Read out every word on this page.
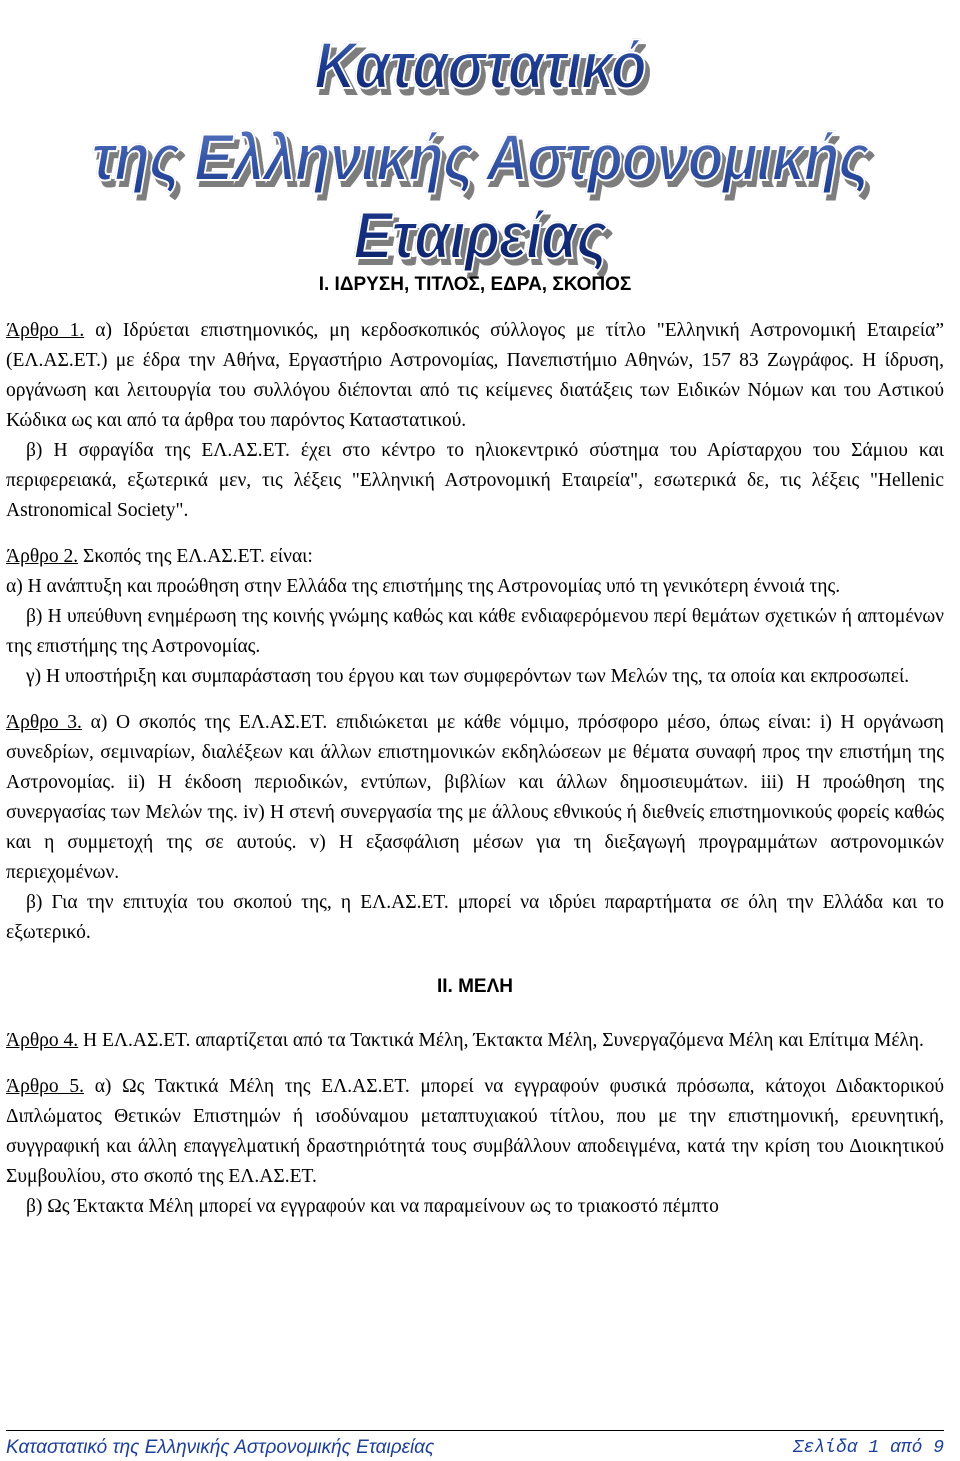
Καταστατικό
της Ελληνικής Αστρονομικής Εταιρείας

Ι. ΙΔΡΥΣΗ, ΤΙΤΛΟΣ, ΕΔΡΑ, ΣΚΟΠΟΣ

Άρθρο 1. α) Ιδρύεται επιστημονικός, μη κερδοσκοπικός σύλλογος με τίτλο "Ελληνική Αστρονομική Εταιρεία” (ΕΛ.ΑΣ.ΕΤ.) με έδρα την Αθήνα, Εργαστήριο Αστρονομίας, Πανεπιστήμιο Αθηνών, 157 83 Ζωγράφος. Η ίδρυση, οργάνωση και λειτουργία του συλλόγου διέπονται από τις κείμενες διατάξεις των Ειδικών Νόμων και του Αστικού Κώδικα ως και από τα άρθρα του παρόντος Καταστατικού.

β) Η σφραγίδα της ΕΛ.ΑΣ.ΕΤ. έχει στο κέντρο το ηλιοκεντρικό σύστημα του Αρίσταρχου του Σάμιου και περιφερειακά, εξωτερικά μεν, τις λέξεις "Ελληνική Αστρονομική Εταιρεία", εσωτερικά δε, τις λέξεις "Hellenic Astronomical Society".

Άρθρο 2. Σκοπός της ΕΛ.ΑΣ.ΕΤ. είναι:

α) Η ανάπτυξη και προώθηση στην Ελλάδα της επιστήμης της Αστρονομίας υπό τη γενικότερη έννοιά της.

β) Η υπεύθυνη ενημέρωση της κοινής γνώμης καθώς και κάθε ενδιαφερόμενου περί θεμάτων σχετικών ή απτομένων της επιστήμης της Αστρονομίας.

γ) Η υποστήριξη και συμπαράσταση του έργου και των συμφερόντων των Μελών της, τα οποία και εκπροσωπεί.

Άρθρο 3. α) Ο σκοπός της ΕΛ.ΑΣ.ΕΤ. επιδιώκεται με κάθε νόμιμο, πρόσφορο μέσο, όπως είναι: i) Η οργάνωση συνεδρίων, σεμιναρίων, διαλέξεων και άλλων επιστημονικών εκδηλώσεων με θέματα συναφή προς την επιστήμη της Αστρονομίας. ii) Η έκδοση περιοδικών, εντύπων, βιβλίων και άλλων δημοσιευμάτων. iii) Η προώθηση της συνεργασίας των Μελών της. iv) Η στενή συνεργασία της με άλλους εθνικούς ή διεθνείς επιστημονικούς φορείς καθώς και η συμμετοχή της σε αυτούς. v) Η εξασφάλιση μέσων για τη διεξαγωγή προγραμμάτων αστρονομικών περιεχομένων.

β) Για την επιτυχία του σκοπού της, η ΕΛ.ΑΣ.ΕΤ. μπορεί να ιδρύει παραρτήματα σε όλη την Ελλάδα και το εξωτερικό.

ΙΙ. ΜΕΛΗ

Άρθρο 4. Η ΕΛ.ΑΣ.ΕΤ. απαρτίζεται από τα Τακτικά Μέλη, Έκτακτα Μέλη, Συνεργαζόμενα Μέλη και Επίτιμα Μέλη.

Άρθρο 5. α) Ως Τακτικά Μέλη της ΕΛ.ΑΣ.ΕΤ. μπορεί να εγγραφούν φυσικά πρόσωπα, κάτοχοι Διδακτορικού Διπλώματος Θετικών Επιστημών ή ισοδύναμου μεταπτυχιακού τίτλου, που με την επιστημονική, ερευνητική, συγγραφική και άλλη επαγγελματική δραστηριότητά τους συμβάλλουν αποδειγμένα, κατά την κρίση του Διοικητικού Συμβουλίου, στο σκοπό της ΕΛ.ΑΣ.ΕΤ.

β) Ως Έκτακτα Μέλη μπορεί να εγγραφούν και να παραμείνουν ως το τριακοστό πέμπτο

Καταστατικό της Ελληνικής Αστρονομικής Εταιρείας	Σελίδα 1 από 9
